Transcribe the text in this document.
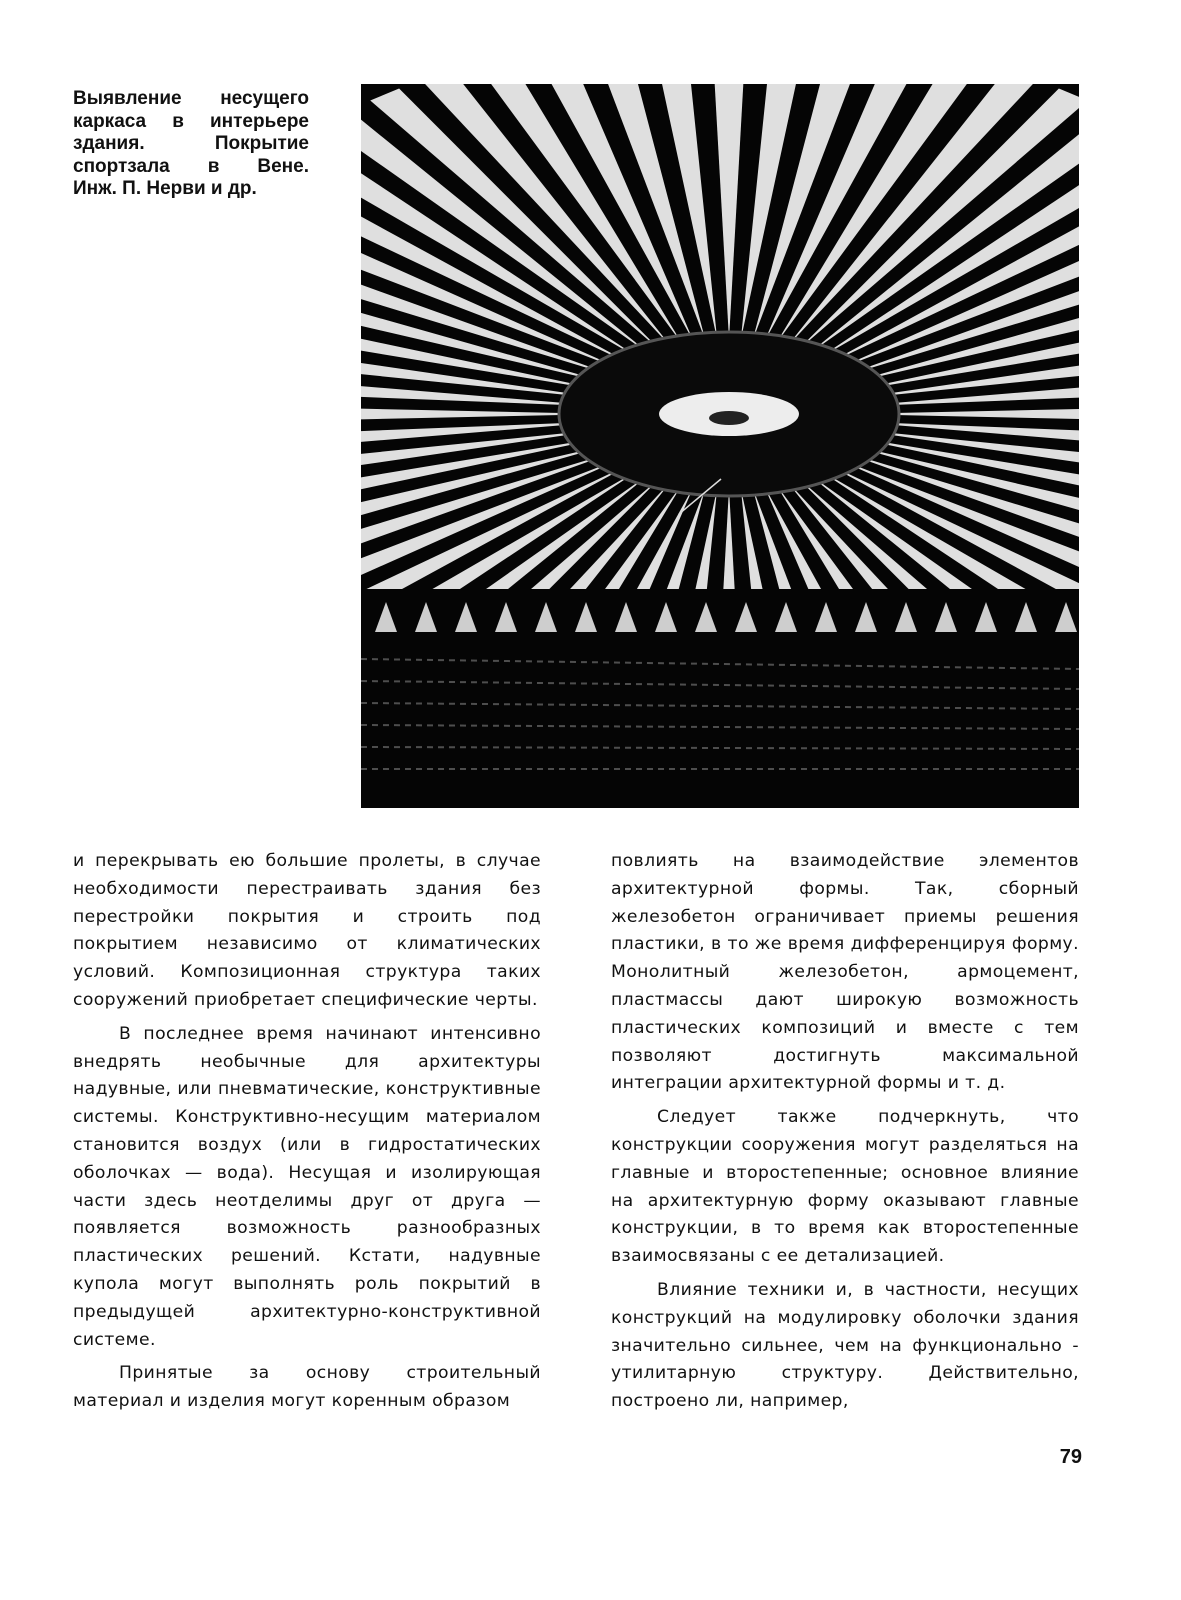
Выявление несущего
каркаса в интерьере
здания. Покрытие
спортзала в Вене.
Инж. П. Нерви и др.

и перекрывать ею большие пролеты, в случае необходимости перестраивать здания без перестройки покрытия и строить под покрытием независимо от климатических условий. Композиционная структура таких сооружений приобретает специфические черты.

В последнее время начинают интенсивно внедрять необычные для архитектуры надувные, или пневматические, конструктивные системы. Конструктивно-несущим материалом становится воздух (или в гидростатических оболочках — вода). Несущая и изолирующая части здесь неотделимы друг от друга — появляется возможность разнообразных пластических решений. Кстати, надувные купола могут выполнять роль покрытий в предыдущей архитектурно-конструктивной системе.

Принятые за основу строительный материал и изделия могут коренным образом

повлиять на взаимодействие элементов архитектурной формы. Так, сборный железобетон ограничивает приемы решения пластики, в то же время дифференцируя форму. Монолитный железобетон, армоцемент, пластмассы дают широкую возможность пластических композиций и вместе с тем позволяют достигнуть максимальной интеграции архитектурной формы и т. д.

Следует также подчеркнуть, что конструкции сооружения могут разделяться на главные и второстепенные; основное влияние на архитектурную форму оказывают главные конструкции, в то время как второстепенные взаимосвязаны с ее детализацией.

Влияние техники и, в частности, несущих конструкций на модулировку оболочки здания значительно сильнее, чем на функционально - утилитарную структуру. Действительно, построено ли, например,

79
